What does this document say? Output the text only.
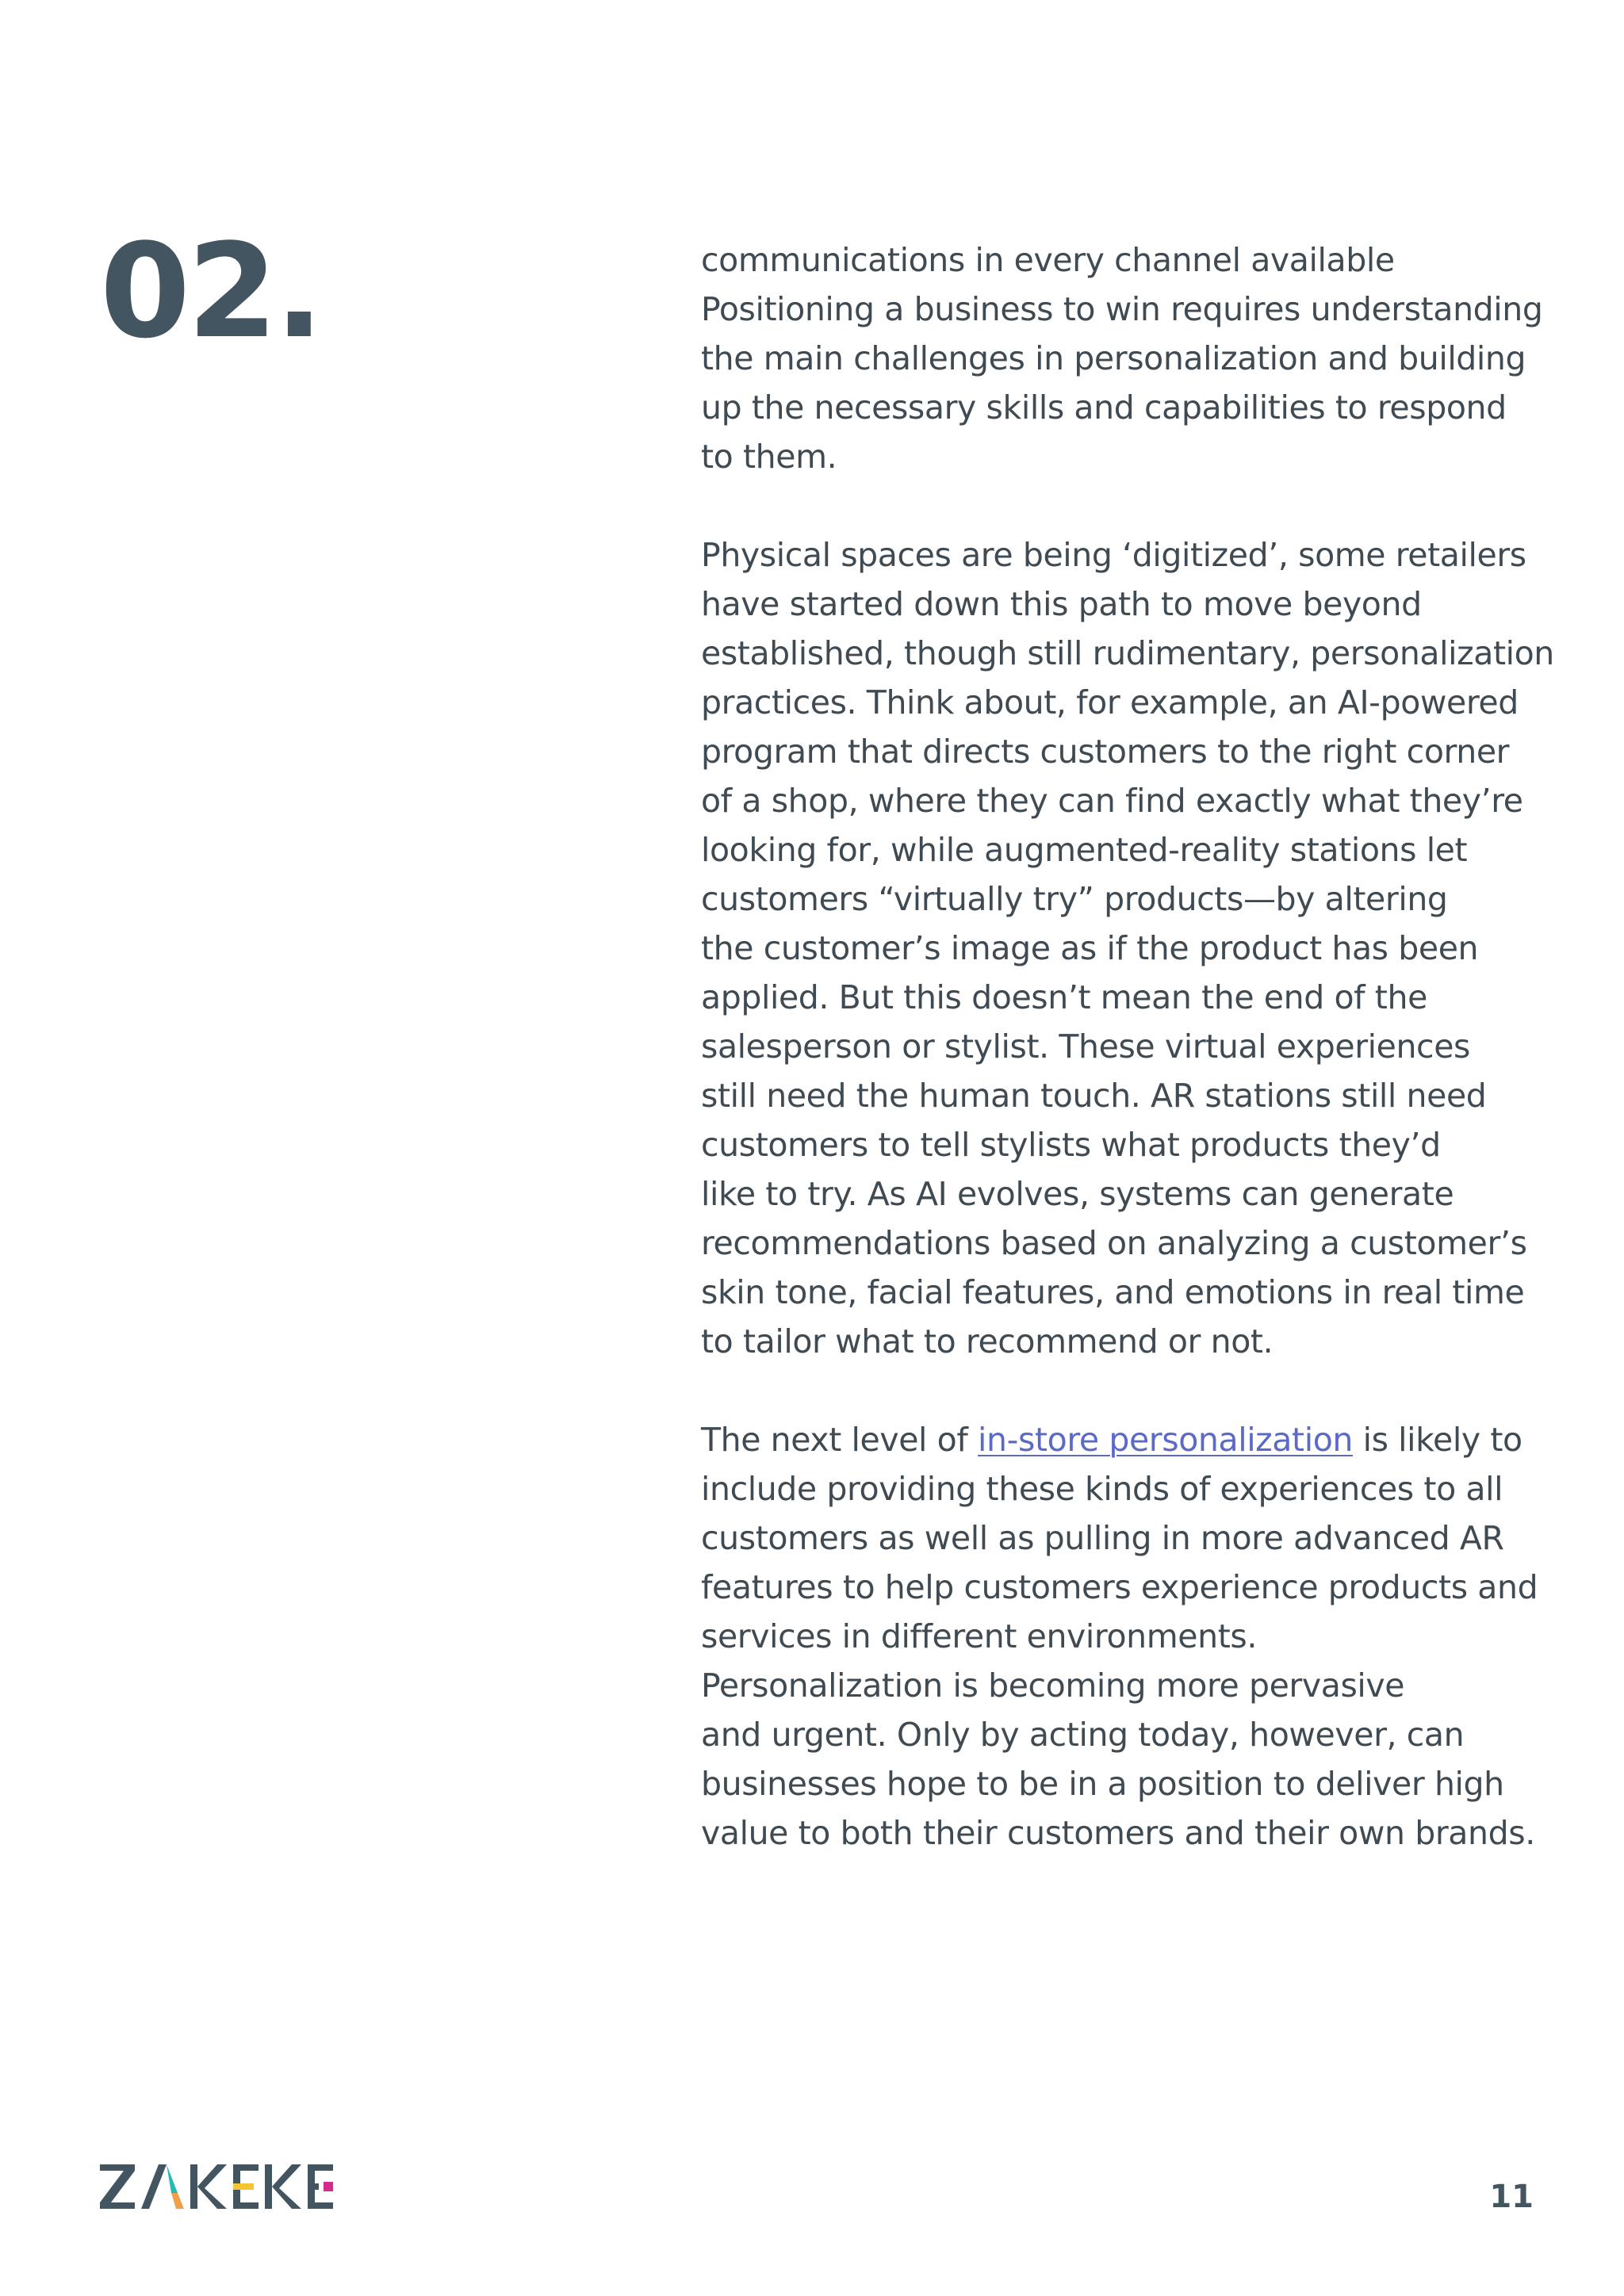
02.	communications in every channel available
Positioning a business to win requires understanding
the main challenges in personalization and building
up the necessary skills and capabilities to respond
to them.

Physical spaces are being ‘digitized’, some retailers
have started down this path to move beyond
established, though still rudimentary, personalization
practices. Think about, for example, an AI-powered
program that directs customers to the right corner
of a shop, where they can find exactly what they’re
looking for, while augmented-reality stations let
customers “virtually try” products—by altering
the customer’s image as if the product has been
applied. But this doesn’t mean the end of the
salesperson or stylist. These virtual experiences
still need the human touch. AR stations still need
customers to tell stylists what products they’d
like to try. As AI evolves, systems can generate
recommendations based on analyzing a customer’s
skin tone, facial features, and emotions in real time
to tailor what to recommend or not.

The next level of in-store personalization is likely to
include providing these kinds of experiences to all
customers as well as pulling in more advanced AR
features to help customers experience products and
services in different environments.
Personalization is becoming more pervasive
and urgent. Only by acting today, however, can
businesses hope to be in a position to deliver high
value to both their customers and their own brands.

11
